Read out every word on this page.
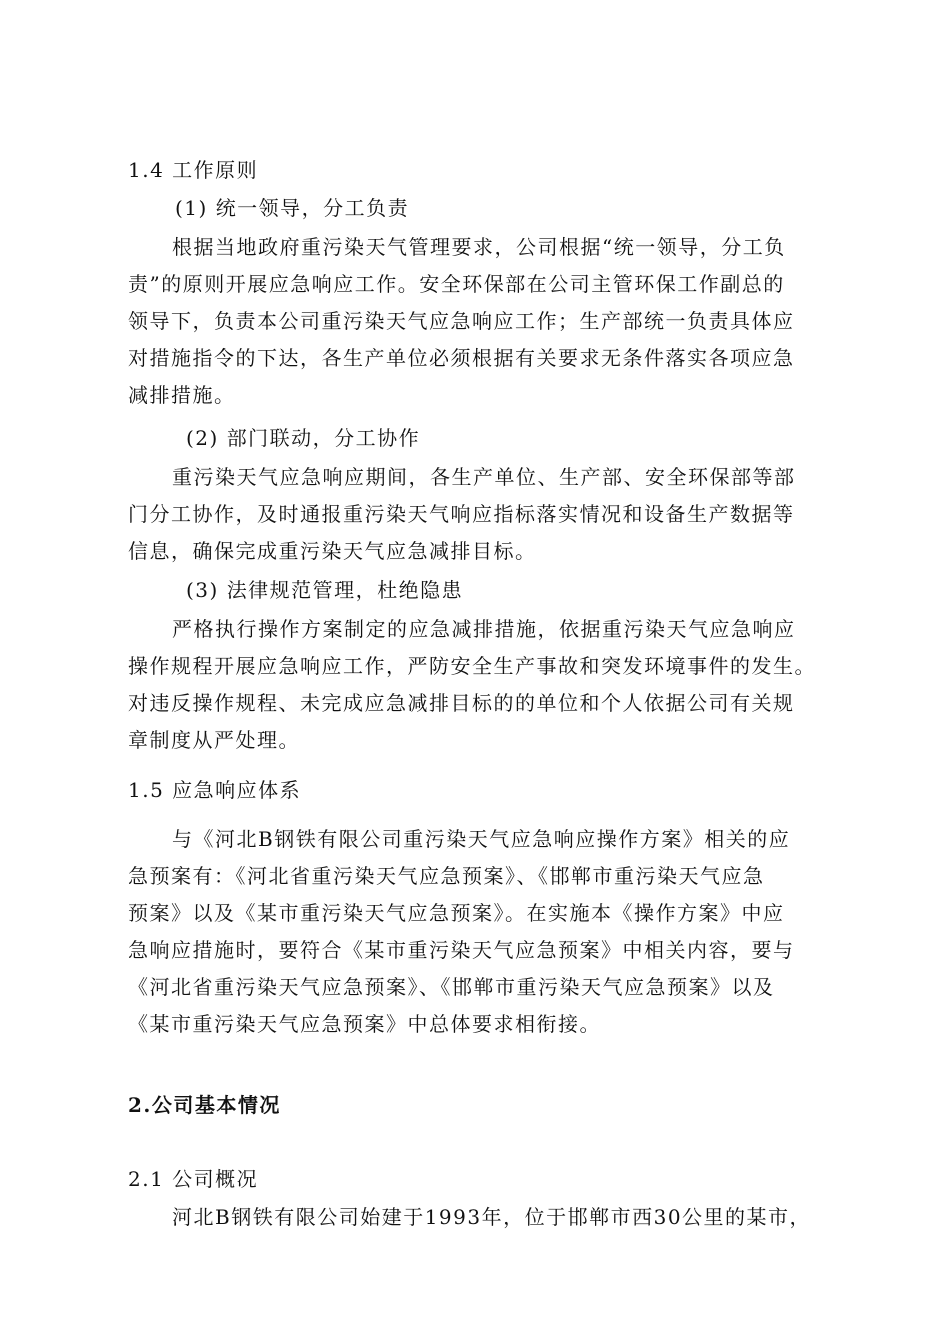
1.4 工作原则
(1) 统一领导，分工负责
根据当地政府重污染天气管理要求，公司根据“统一领导，分工负
责”的原则开展应急响应工作。安全环保部在公司主管环保工作副总的
领导下，负责本公司重污染天气应急响应工作；生产部统一负责具体应
对措施指令的下达，各生产单位必须根据有关要求无条件落实各项应急
减排措施。
(2) 部门联动，分工协作
重污染天气应急响应期间，各生产单位、生产部、安全环保部等部
门分工协作，及时通报重污染天气响应指标落实情况和设备生产数据等
信息，确保完成重污染天气应急减排目标。
(3) 法律规范管理，杜绝隐患
严格执行操作方案制定的应急减排措施，依据重污染天气应急响应
操作规程开展应急响应工作，严防安全生产事故和突发环境事件的发生。
对违反操作规程、未完成应急减排目标的的单位和个人依据公司有关规
章制度从严处理。
1.5 应急响应体系
与《河北B钢铁有限公司重污染天气应急响应操作方案》相关的应
急预案有：《河北省重污染天气应急预案》、《邯郸市重污染天气应急
预案》以及《某市重污染天气应急预案》。在实施本《操作方案》中应
急响应措施时，要符合《某市重污染天气应急预案》中相关内容，要与
《河北省重污染天气应急预案》、《邯郸市重污染天气应急预案》以及
《某市重污染天气应急预案》中总体要求相衔接。
2.公司基本情况
2.1 公司概况
河北B钢铁有限公司始建于1993年，位于邯郸市西30公里的某市，
